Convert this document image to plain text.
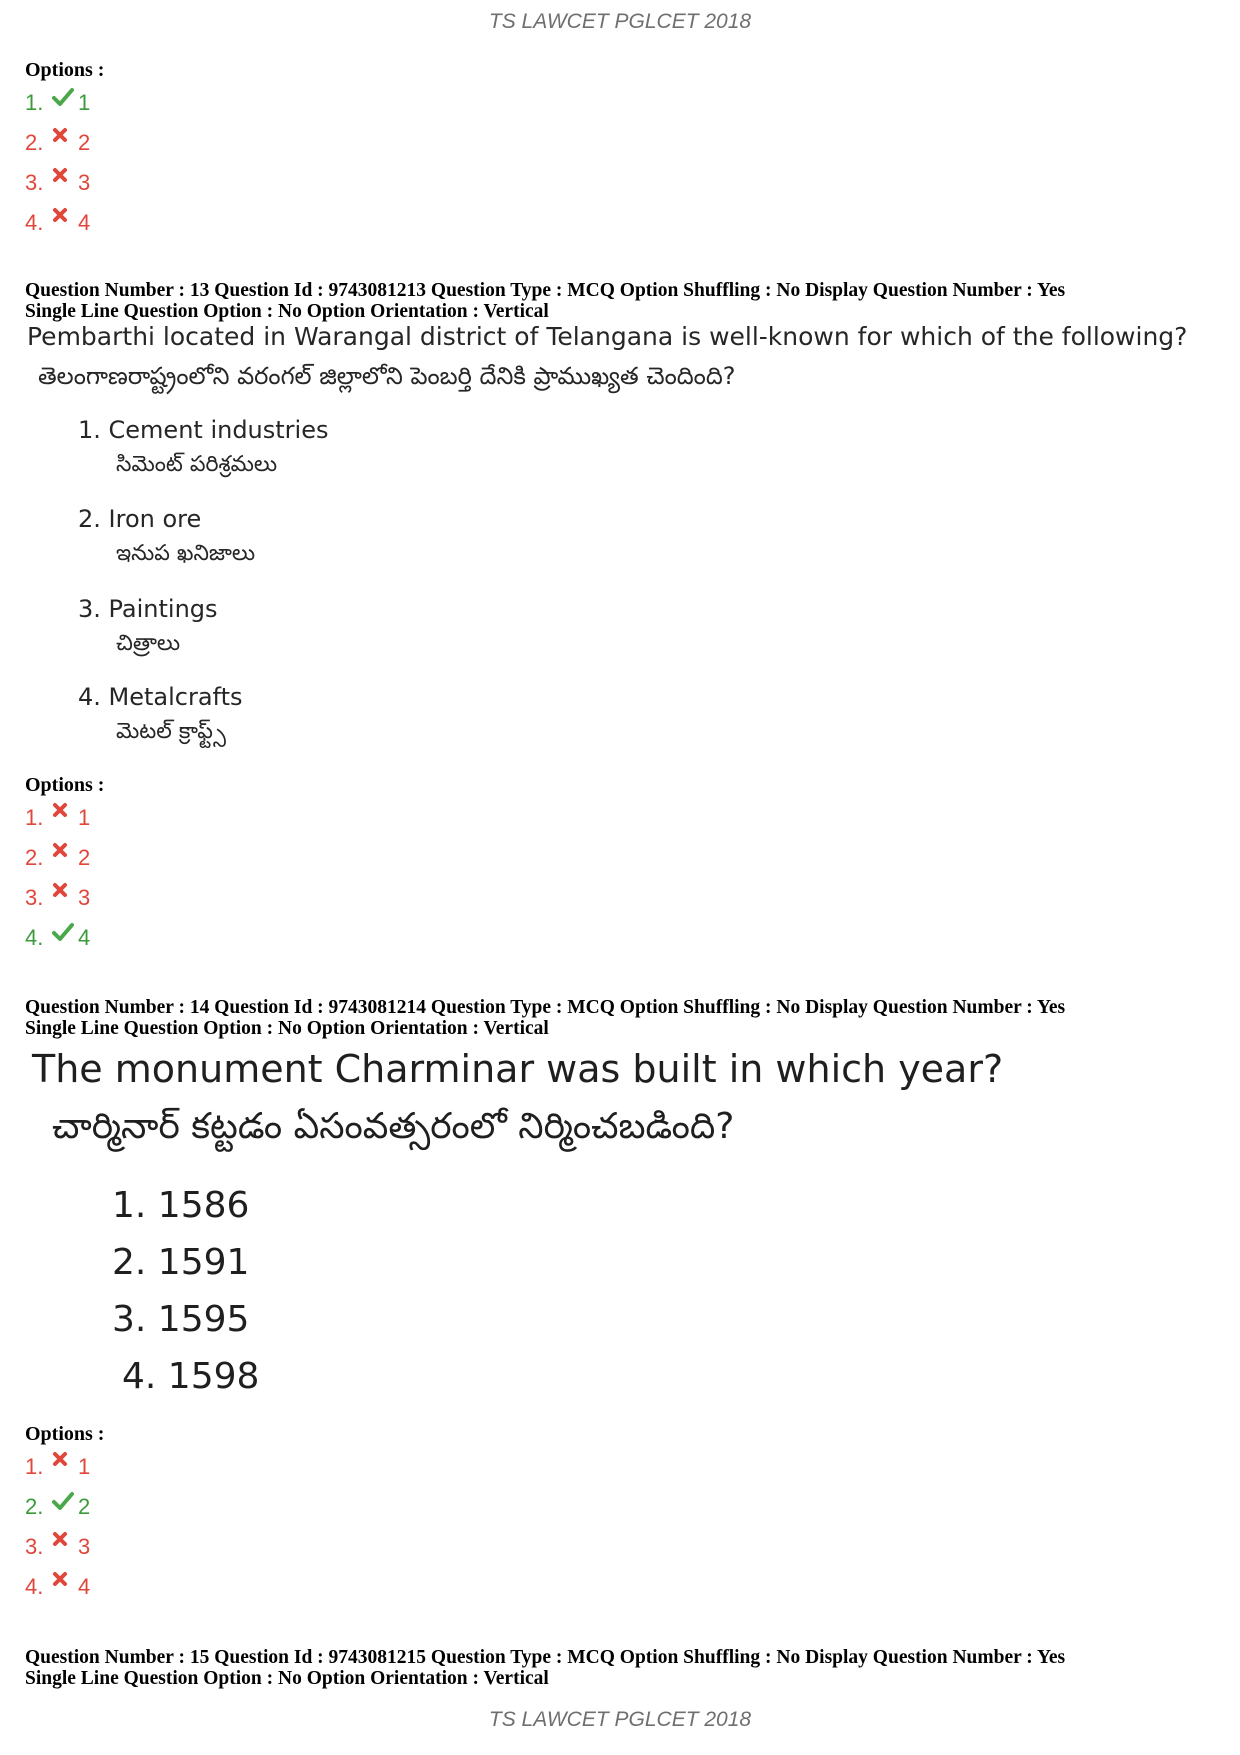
TS LAWCET PGLCET 2018
Options :
1.	1
2.	2
3.	3
4.	4
Question Number : 13 Question Id : 9743081213 Question Type : MCQ Option Shuffling : No Display Question Number : Yes
Single Line Question Option : No Option Orientation : Vertical
Pembarthi located in Warangal district of Telangana is well-known for which of the following?
తెలంగాణరాష్ట్రంలోని వరంగల్ జిల్లాలోని పెంబర్తి దేనికి ప్రాముఖ్యత చెందింది?
1. Cement industries
సిమెంట్ పరిశ్రమలు
2. Iron ore
ఇనుప ఖనిజాలు
3. Paintings
చిత్రాలు
4. Metalcrafts
మెటల్ క్రాఫ్ట్స్
Options :
1.	1
2.	2
3.	3
4.	4
Question Number : 14 Question Id : 9743081214 Question Type : MCQ Option Shuffling : No Display Question Number : Yes
Single Line Question Option : No Option Orientation : Vertical
The monument Charminar was built in which year?
చార్మినార్ కట్టడం ఏసంవత్సరంలో నిర్మించబడింది?
1. 1586
2. 1591
3. 1595
4. 1598
Options :
1.	1
2.	2
3.	3
4.	4
Question Number : 15 Question Id : 9743081215 Question Type : MCQ Option Shuffling : No Display Question Number : Yes
Single Line Question Option : No Option Orientation : Vertical
TS LAWCET PGLCET 2018
